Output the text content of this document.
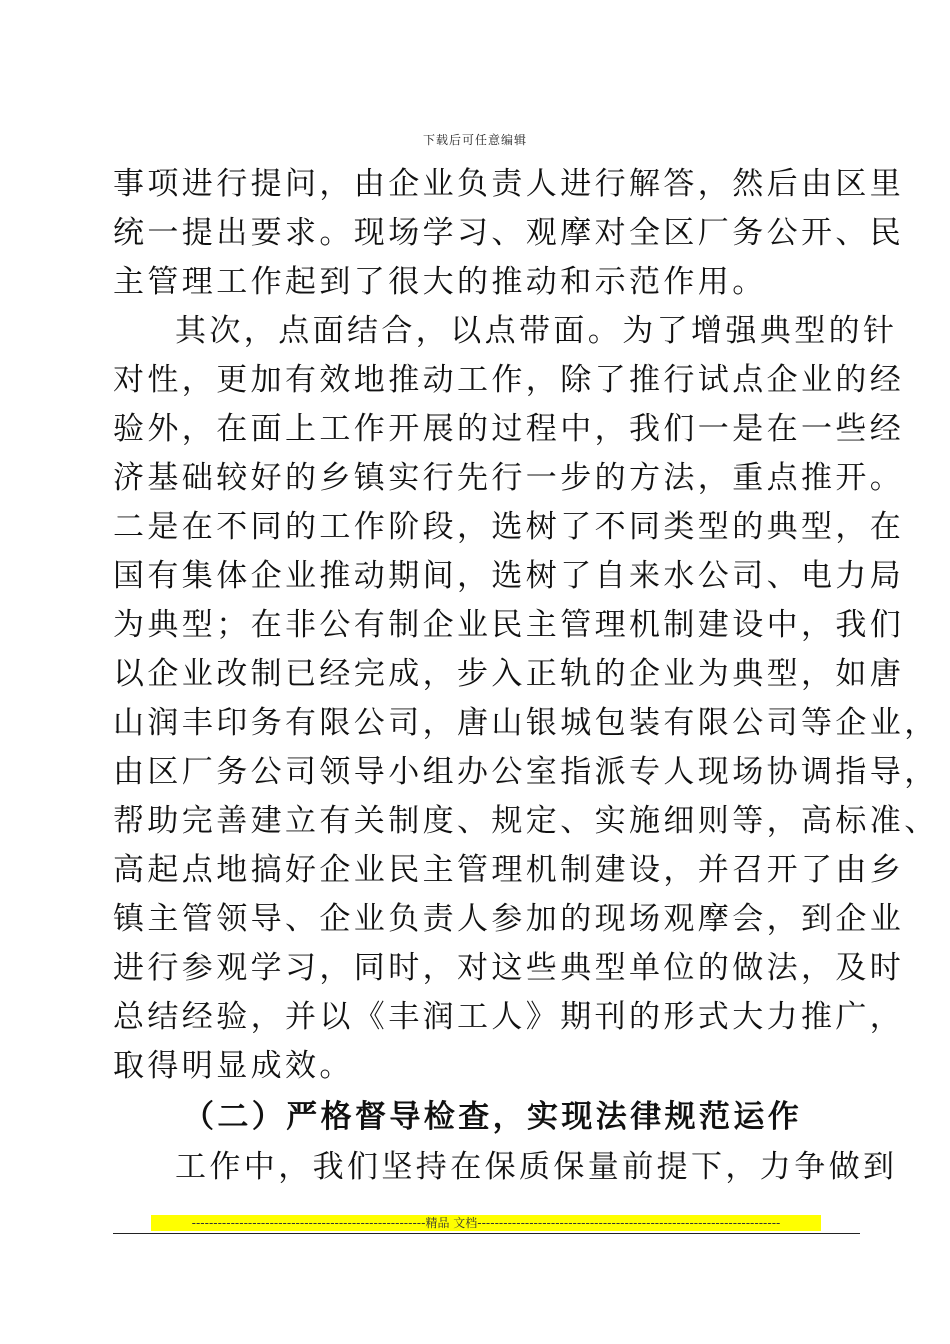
下载后可任意编辑
事项进行提问，由企业负责人进行解答，然后由区里
统一提出要求。现场学习、观摩对全区厂务公开、民
主管理工作起到了很大的推动和示范作用。
其次，点面结合，以点带面。为了增强典型的针
对性，更加有效地推动工作，除了推行试点企业的经
验外，在面上工作开展的过程中，我们一是在一些经
济基础较好的乡镇实行先行一步的方法，重点推开。
二是在不同的工作阶段，选树了不同类型的典型，在
国有集体企业推动期间，选树了自来水公司、电力局
为典型；在非公有制企业民主管理机制建设中，我们
以企业改制已经完成，步入正轨的企业为典型，如唐
山润丰印务有限公司，唐山银城包装有限公司等企业，
由区厂务公司领导小组办公室指派专人现场协调指导，
帮助完善建立有关制度、规定、实施细则等，高标准、
高起点地搞好企业民主管理机制建设，并召开了由乡
镇主管领导、企业负责人参加的现场观摩会，到企业
进行参观学习，同时，对这些典型单位的做法，及时
总结经验，并以《丰润工人》期刊的形式大力推广，
取得明显成效。
（二）严格督导检查，实现法律规范运作
工作中，我们坚持在保质保量前提下，力争做到
------------------------------------------------------精品 文档----------------------------------------------------------------------
